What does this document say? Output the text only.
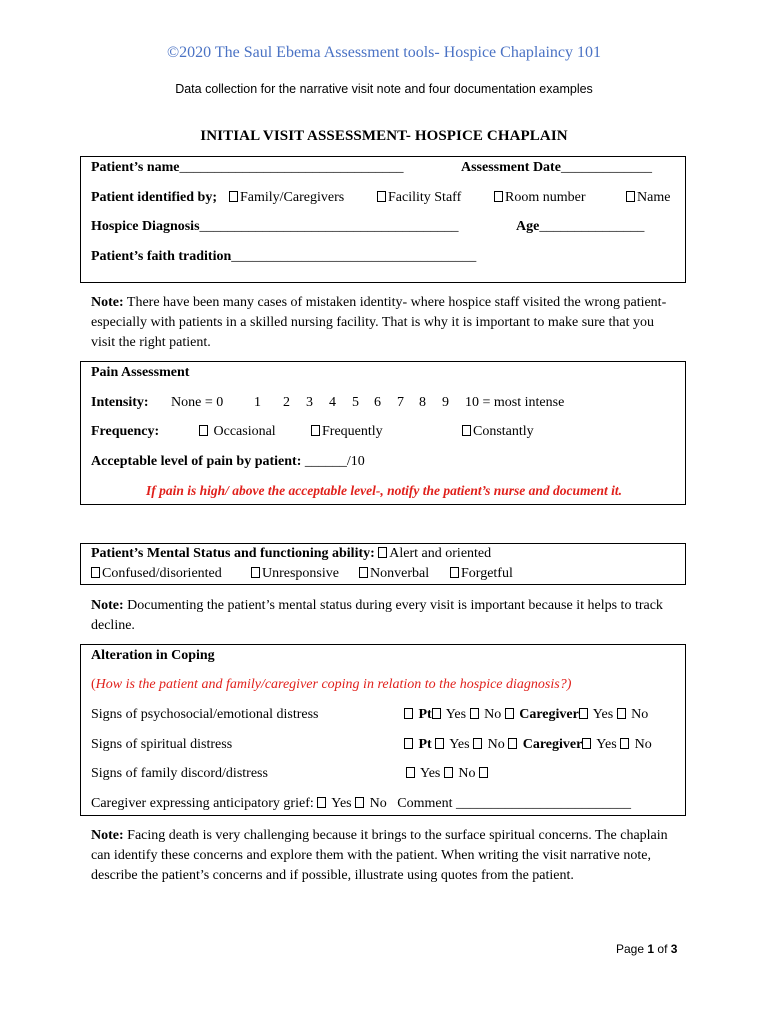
©2020 The Saul Ebema Assessment tools- Hospice Chaplaincy 101
Data collection for the narrative visit note and four documentation examples
INITIAL VISIT ASSESSMENT- HOSPICE CHAPLAIN
Patient’s name________________________________	Assessment Date_____________
Patient identified by;	Family/Caregivers	Facility Staff	Room number	Name
Hospice Diagnosis_____________________________________	Age_______________
Patient’s faith tradition___________________________________
Note: There have been many cases of mistaken identity- where hospice staff visited the wrong patient- especially with patients in a skilled nursing facility. That is why it is important to make sure that you visit the right patient.
Pain Assessment
Intensity: None = 0 1 2 3 4 5 6 7 8 9 10 = most intense
Frequency:	Occasional	Frequently	Constantly
Acceptable level of pain by patient: ______/10
If pain is high/ above the acceptable level-, notify the patient’s nurse and document it.
Patient’s Mental Status and functioning ability: Alert and oriented
Confused/disoriented	Unresponsive	Nonverbal	Forgetful
Note: Documenting the patient’s mental status during every visit is important because it helps to track decline.
Alteration in Coping
(How is the patient and family/caregiver coping in relation to the hospice diagnosis?)
Signs of psychosocial/emotional distress	Pt Yes No Caregiver Yes No
Signs of spiritual distress	Pt Yes No Caregiver Yes No
Signs of family discord/distress	Yes No
Caregiver expressing anticipatory grief: Yes No Comment _________________________
Note: Facing death is very challenging because it brings to the surface spiritual concerns. The chaplain can identify these concerns and explore them with the patient. When writing the visit narrative note, describe the patient’s concerns and if possible, illustrate using quotes from the patient.
Page 1 of 3
